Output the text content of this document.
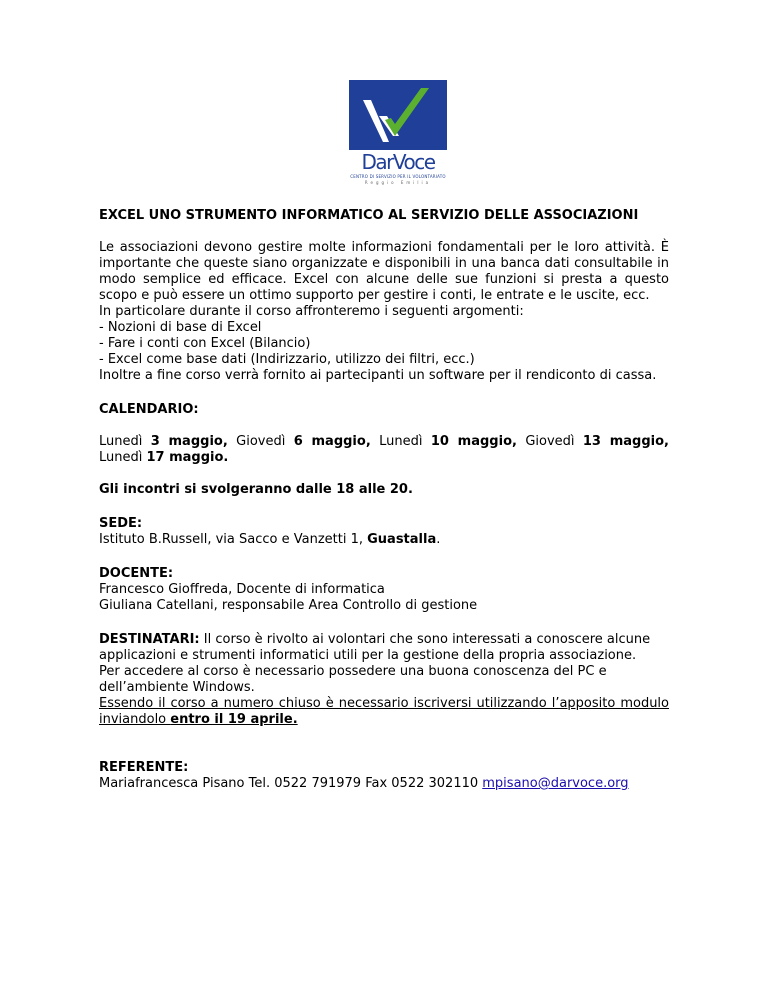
DarVoce
CENTRO DI SERVIZIO PER IL VOLONTARIATO
Reggio Emilia

EXCEL UNO STRUMENTO INFORMATICO AL SERVIZIO DELLE ASSOCIAZIONI

Le associazioni devono gestire molte informazioni fondamentali per le loro attività. È importante che queste siano organizzate e disponibili in una banca dati consultabile in modo semplice ed efficace. Excel con alcune delle sue funzioni si presta a questo scopo e può essere un ottimo supporto per gestire i conti, le entrate e le uscite, ecc.

In particolare durante il corso affronteremo i seguenti argomenti:

- Nozioni di base di Excel

- Fare i conti con Excel (Bilancio)

- Excel come base dati (Indirizzario, utilizzo dei filtri, ecc.)

Inoltre a fine corso verrà fornito ai partecipanti un software per il rendiconto di cassa.

CALENDARIO:

Lunedì 3 maggio, Giovedì 6 maggio, Lunedì 10 maggio, Giovedì 13 maggio, Lunedì 17 maggio.

Gli incontri si svolgeranno dalle 18 alle 20.

SEDE:

Istituto B.Russell, via Sacco e Vanzetti 1, Guastalla.

DOCENTE:

Francesco Gioffreda, Docente di informatica

Giuliana Catellani, responsabile Area Controllo di gestione

DESTINATARI: Il corso è rivolto ai volontari che sono interessati a conoscere alcune applicazioni e strumenti informatici utili per la gestione della propria associazione.

Per accedere al corso è necessario possedere una buona conoscenza del PC e dell’ambiente Windows.

Essendo il corso a numero chiuso è necessario iscriversi utilizzando l’apposito modulo inviandolo entro il 19 aprile.

REFERENTE:

Mariafrancesca Pisano Tel. 0522 791979 Fax 0522 302110 mpisano@darvoce.org
